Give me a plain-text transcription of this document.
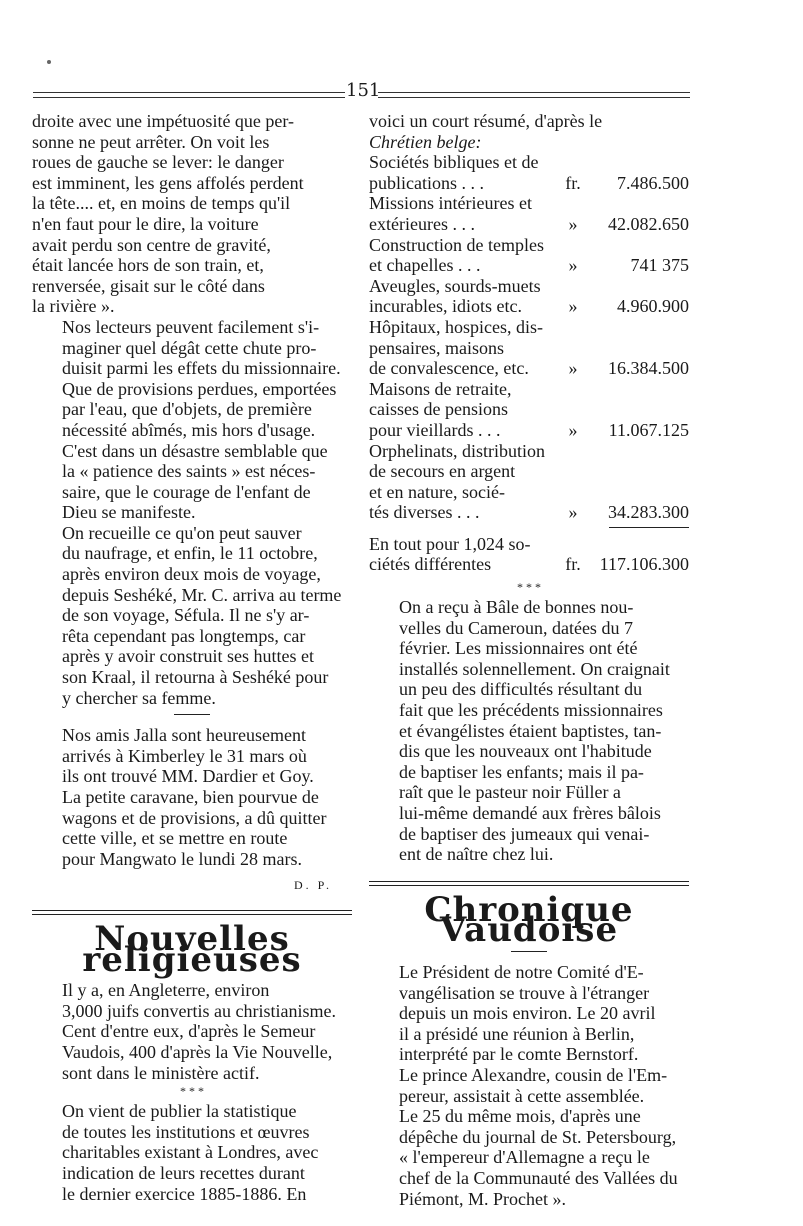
151
droite avec une impétuosité que per-
sonne ne peut arrêter. On voit les
roues de gauche se lever: le danger
est imminent, les gens affolés perdent
la tête.... et, en moins de temps qu'il
n'en faut pour le dire, la voiture
avait perdu son centre de gravité,
était lancée hors de son train, et,
renversée, gisait sur le côté dans
la rivière ».
Nos lecteurs peuvent facilement s'i-
maginer quel dégât cette chute pro-
duisit parmi les effets du missionnaire.
Que de provisions perdues, emportées
par l'eau, que d'objets, de première
nécessité abîmés, mis hors d'usage.
C'est dans un désastre semblable que
la « patience des saints » est néces-
saire, que le courage de l'enfant de
Dieu se manifeste.
On recueille ce qu'on peut sauver
du naufrage, et enfin, le 11 octobre,
après environ deux mois de voyage,
depuis Seshéké, Mr. C. arriva au terme
de son voyage, Séfula. Il ne s'y ar-
rêta cependant pas longtemps, car
après y avoir construit ses huttes et
son Kraal, il retourna à Seshéké pour
y chercher sa femme.
Nos amis Jalla sont heureusement
arrivés à Kimberley le 31 mars où
ils ont trouvé MM. Dardier et Goy.
La petite caravane, bien pourvue de
wagons et de provisions, a dû quitter
cette ville, et se mettre en route
pour Mangwato le lundi 28 mars.
D. P.
Nouvelles religieuses
Il y a, en Angleterre, environ
3,000 juifs convertis au christianisme.
Cent d'entre eux, d'après le Semeur
Vaudois, 400 d'après la Vie Nouvelle,
sont dans le ministère actif.
* * *
On vient de publier la statistique
de toutes les institutions et œuvres
charitables existant à Londres, avec
indication de leurs recettes durant
le dernier exercice 1885-1886. En
voici un court résumé, d'après le
Chrétien belge:
Sociétés bibliques et de		
publications . . .	fr.	7.486.500
Missions intérieures et		
extérieures . . .	»	42.082.650
Construction de temples		
et chapelles . . .	»	741 375
Aveugles, sourds-muets		
incurables, idiots etc.	»	4.960.900
Hôpitaux, hospices, dis-		
pensaires, maisons		
de convalescence, etc.	»	16.384.500
Maisons de retraite,		
caisses de pensions		
pour vieillards . . .	»	11.067.125
Orphelinats, distribution		
de secours en argent		
et en nature, socié-		
tés diverses . . .	»	34.283.300
En tout pour 1,024 so-		
ciétés différentes	fr.	117.106.300
* * *
On a reçu à Bâle de bonnes nou-
velles du Cameroun, datées du 7
février. Les missionnaires ont été
installés solennellement. On craignait
un peu des difficultés résultant du
fait que les précédents missionnaires
et évangélistes étaient baptistes, tan-
dis que les nouveaux ont l'habitude
de baptiser les enfants; mais il pa-
raît que le pasteur noir Füller a
lui-même demandé aux frères bâlois
de baptiser des jumeaux qui venai-
ent de naître chez lui.
Chronique Vaudoise
Le Président de notre Comité d'E-
vangélisation se trouve à l'étranger
depuis un mois environ. Le 20 avril
il a présidé une réunion à Berlin,
interprété par le comte Bernstorf.
Le prince Alexandre, cousin de l'Em-
pereur, assistait à cette assemblée.
Le 25 du même mois, d'après une
dépêche du journal de St. Petersbourg,
« l'empereur d'Allemagne a reçu le
chef de la Communauté des Vallées du
Piémont, M. Prochet ».
